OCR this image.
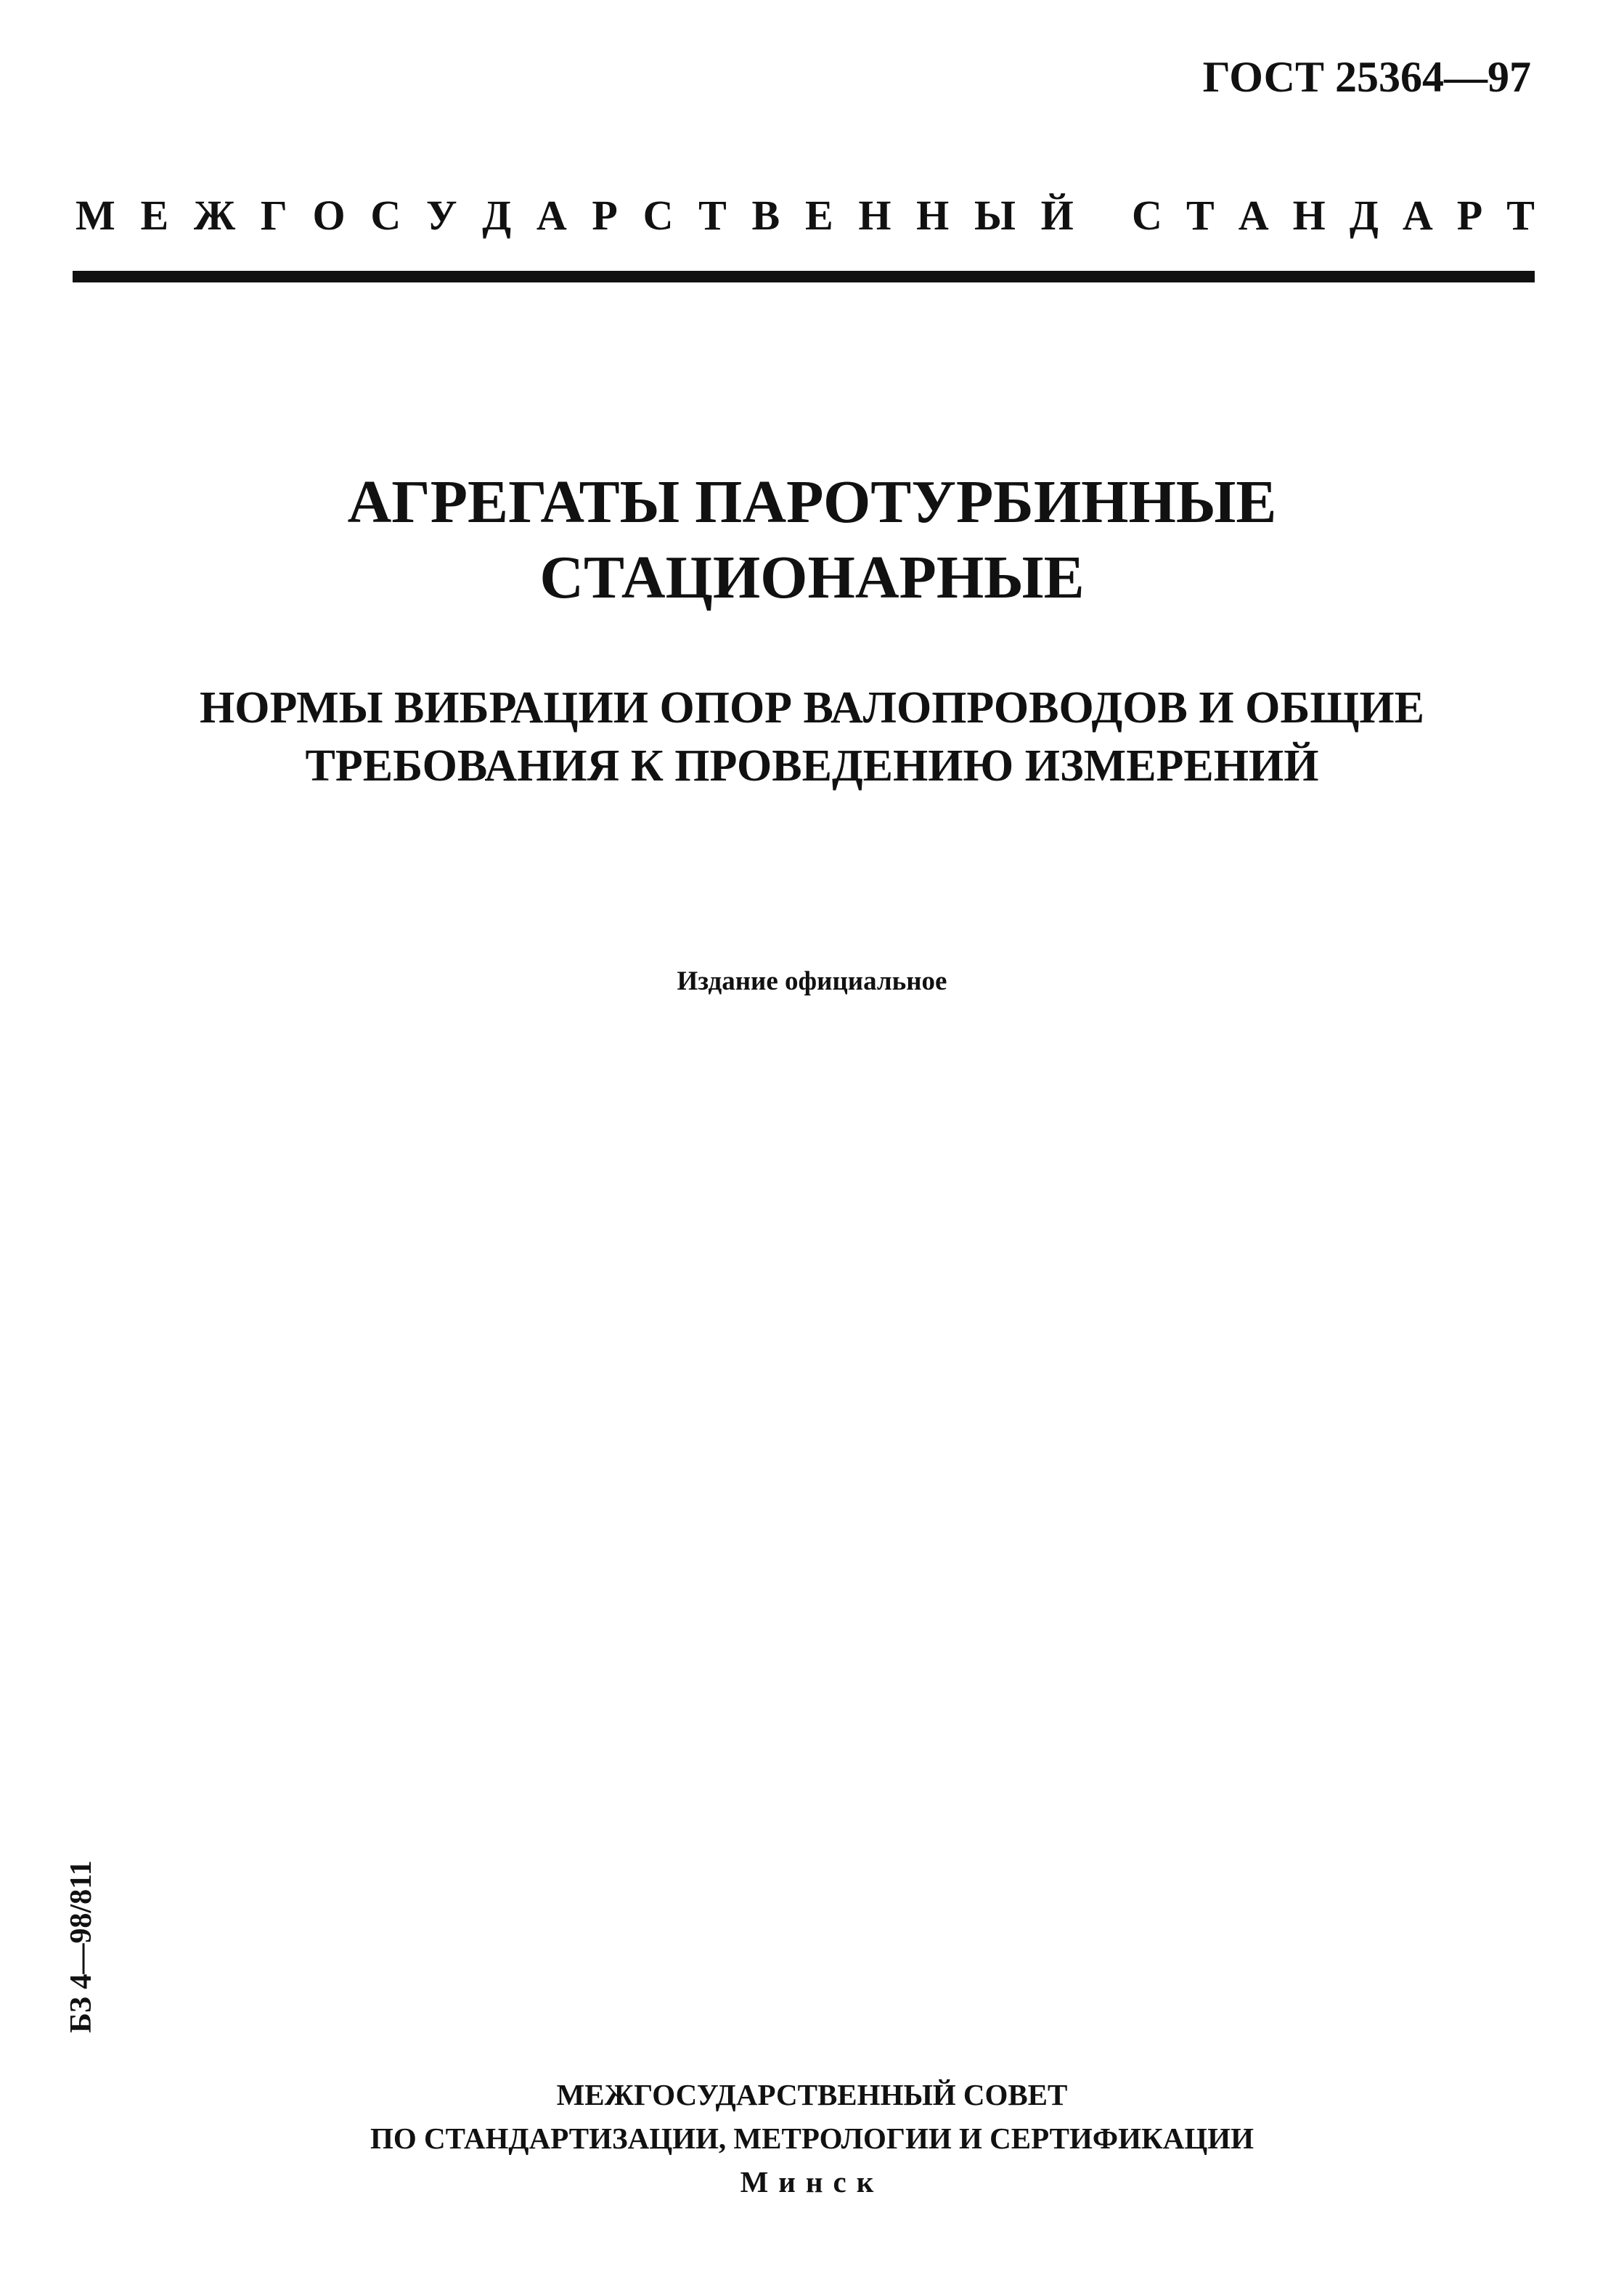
ГОСТ 25364—97
М Е Ж Г О С У Д А Р С Т В Е Н Н Ы Й С Т А Н Д А Р Т
АГРЕГАТЫ ПАРОТУРБИННЫЕ
СТАЦИОНАРНЫЕ
НОРМЫ ВИБРАЦИИ ОПОР ВАЛОПРОВОДОВ И ОБЩИЕ
ТРЕБОВАНИЯ К ПРОВЕДЕНИЮ ИЗМЕРЕНИЙ
Издание официальное
БЗ 4—98/811
МЕЖГОСУДАРСТВЕННЫЙ СОВЕТ
ПО СТАНДАРТИЗАЦИИ, МЕТРОЛОГИИ И СЕРТИФИКАЦИИ
Минск
